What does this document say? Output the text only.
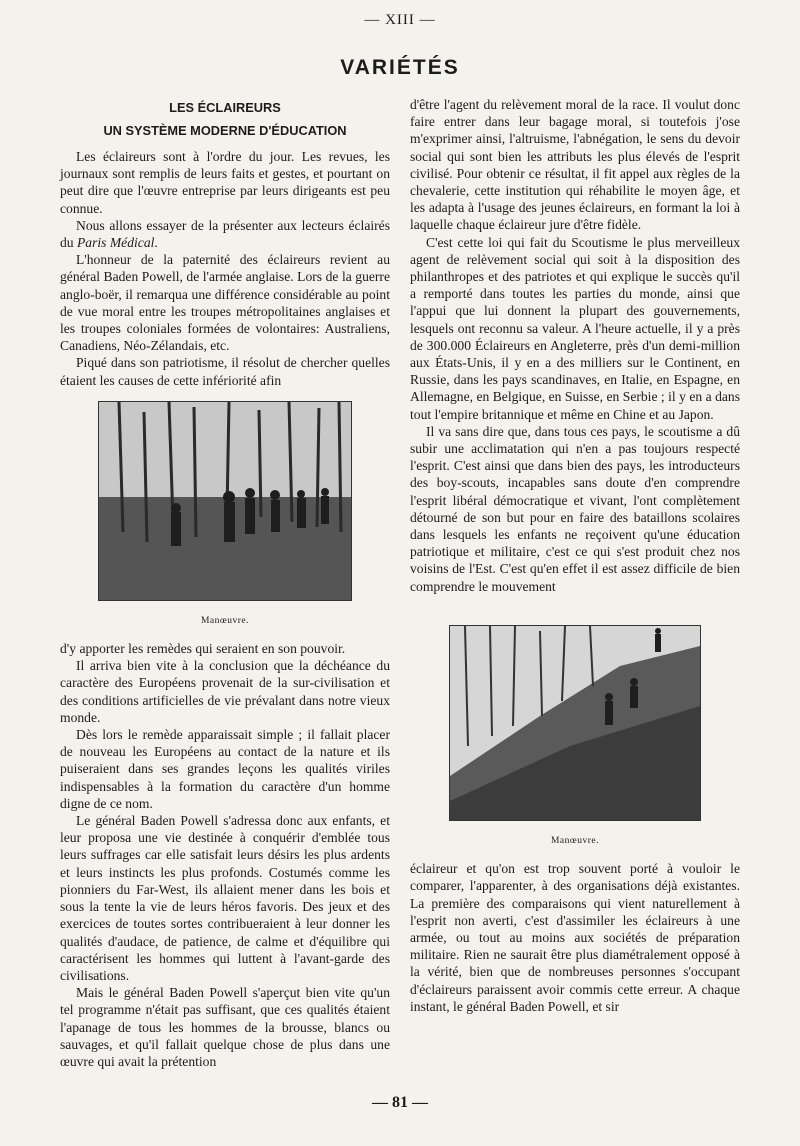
— XIII —
VARIÉTÉS
LES ÉCLAIREURS
UN SYSTÈME MODERNE D'ÉDUCATION

Les éclaireurs sont à l'ordre du jour. Les revues, les journaux sont remplis de leurs faits et gestes, et pourtant on peut dire que l'œuvre entreprise par leurs dirigeants est peu connue.

Nous allons essayer de la présenter aux lecteurs éclairés du Paris Médical.

L'honneur de la paternité des éclaireurs revient au général Baden Powell, de l'armée anglaise. Lors de la guerre anglo-boër, il remarqua une différence considérable au point de vue moral entre les troupes métropolitaines anglaises et les troupes coloniales formées de volontaires: Australiens, Canadiens, Néo-Zélandais, etc.

Piqué dans son patriotisme, il résolut de chercher quelles étaient les causes de cette infériorité afin

Manœuvre.

d'y apporter les remèdes qui seraient en son pouvoir.

Il arriva bien vite à la conclusion que la déchéance du caractère des Européens provenait de la sur-civilisation et des conditions artificielles de vie prévalant dans notre vieux monde.

Dès lors le remède apparaissait simple ; il fallait placer de nouveau les Européens au contact de la nature et ils puiseraient dans ses grandes leçons les qualités viriles indispensables à la formation du caractère d'un homme digne de ce nom.

Le général Baden Powell s'adressa donc aux enfants, et leur proposa une vie destinée à conquérir d'emblée tous leurs suffrages car elle satisfait leurs désirs les plus ardents et leurs instincts les plus profonds. Costumés comme les pionniers du Far-West, ils allaient mener dans les bois et sous la tente la vie de leurs héros favoris. Des jeux et des exercices de toutes sortes contribueraient à leur donner les qualités d'audace, de patience, de calme et d'équilibre qui caractérisent les hommes qui luttent à l'avant-garde des civilisations.

Mais le général Baden Powell s'aperçut bien vite qu'un tel programme n'était pas suffisant, que ces qualités étaient l'apanage de tous les hommes de la brousse, blancs ou sauvages, et qu'il fallait quelque chose de plus dans une œuvre qui avait la prétention

d'être l'agent du relèvement moral de la race. Il voulut donc faire entrer dans leur bagage moral, si toutefois j'ose m'exprimer ainsi, l'altruisme, l'abnégation, le sens du devoir social qui sont bien les attributs les plus élevés de l'esprit civilisé. Pour obtenir ce résultat, il fit appel aux règles de la chevalerie, cette institution qui réhabilite le moyen âge, et les adapta à l'usage des jeunes éclaireurs, en formant la loi à laquelle chaque éclaireur jure d'être fidèle.

C'est cette loi qui fait du Scoutisme le plus merveilleux agent de relèvement social qui soit à la disposition des philanthropes et des patriotes et qui explique le succès qu'il a remporté dans toutes les parties du monde, ainsi que l'appui que lui donnent la plupart des gouvernements, lesquels ont reconnu sa valeur. A l'heure actuelle, il y a près de 300.000 Éclaireurs en Angleterre, près d'un demi-million aux États-Unis, il y en a des milliers sur le Continent, en Russie, dans les pays scandinaves, en Italie, en Espagne, en Allemagne, en Belgique, en Suisse, en Serbie ; il y en a dans tout l'empire britannique et même en Chine et au Japon.

Il va sans dire que, dans tous ces pays, le scoutisme a dû subir une acclimatation qui n'en a pas toujours respecté l'esprit. C'est ainsi que dans bien des pays, les introducteurs des boy-scouts, incapables sans doute d'en comprendre l'esprit libéral démocratique et vivant, l'ont complètement détourné de son but pour en faire des bataillons scolaires dans lesquels les enfants ne reçoivent qu'une éducation patriotique et militaire, c'est ce qui s'est produit chez nos voisins de l'Est. C'est qu'en effet il est assez difficile de bien comprendre le mouvement

Manœuvre.

éclaireur et qu'on est trop souvent porté à vouloir le comparer, l'apparenter, à des organisations déjà existantes. La première des comparaisons qui vient naturellement à l'esprit non averti, c'est d'assimiler les éclaireurs à une armée, ou tout au moins aux sociétés de préparation militaire. Rien ne saurait être plus diamétralement opposé à la vérité, bien que de nombreuses personnes s'occupant d'éclaireurs paraissent avoir commis cette erreur. A chaque instant, le général Baden Powell, et sir

— 81 —
